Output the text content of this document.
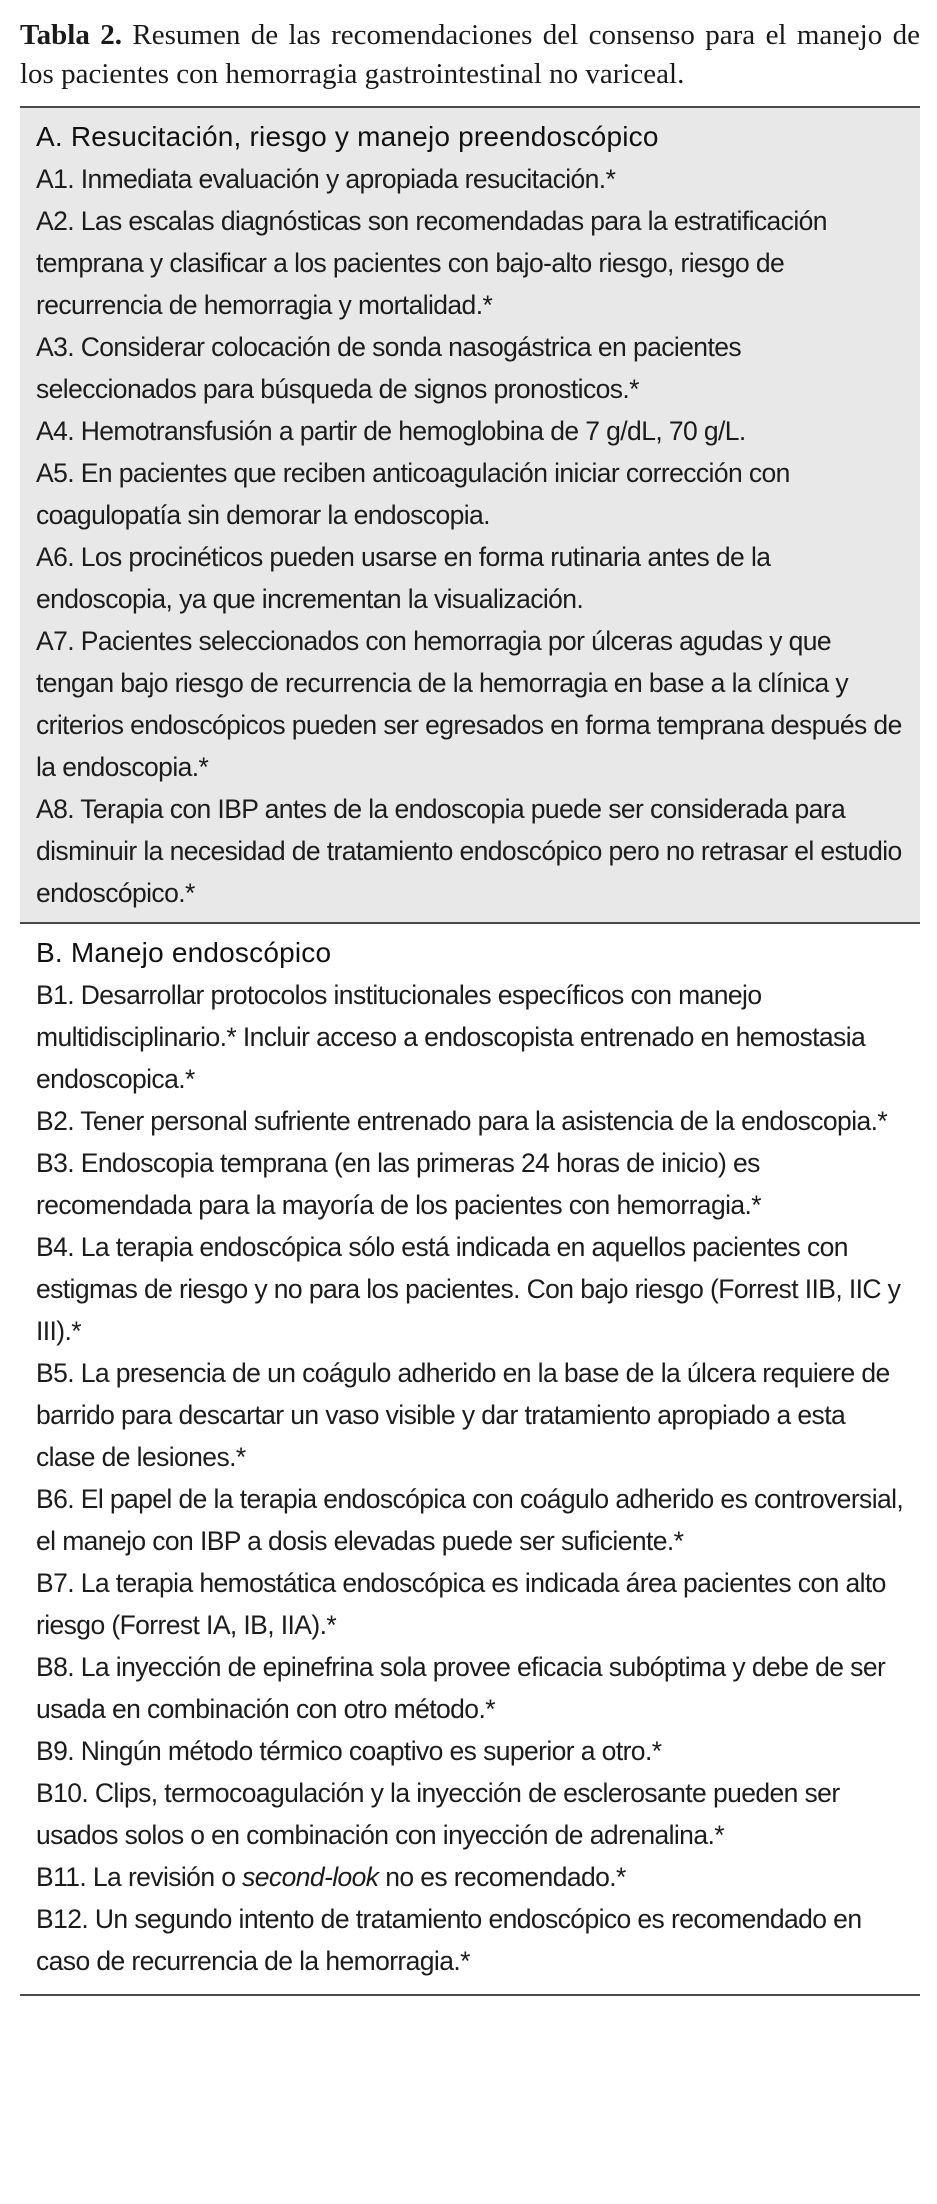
Tabla 2. Resumen de las recomendaciones del consenso para el manejo de los pacientes con hemorragia gastrointestinal no variceal.

A. Resucitación, riesgo y manejo preendoscópico

A1. Inmediata evaluación y apropiada resucitación.*

A2. Las escalas diagnósticas son recomendadas para la estratificación temprana y clasificar a los pacientes con bajo-alto riesgo, riesgo de recurrencia de hemorragia y mortalidad.*

A3. Considerar colocación de sonda nasogástrica en pacientes seleccionados para búsqueda de signos pronosticos.*

A4. Hemotransfusión a partir de hemoglobina de 7 g/dL, 70 g/L.

A5. En pacientes que reciben anticoagulación iniciar corrección con coagulopatía sin demorar la endoscopia.

A6. Los procinéticos pueden usarse en forma rutinaria antes de la endoscopia, ya que incrementan la visualización.

A7. Pacientes seleccionados con hemorragia por úlceras agudas y que tengan bajo riesgo de recurrencia de la hemorragia en base a la clínica y criterios endoscópicos pueden ser egresados en forma temprana después de la endoscopia.*

A8. Terapia con IBP antes de la endoscopia puede ser considerada para disminuir la necesidad de tratamiento endoscópico pero no retrasar el estudio endoscópico.*

B. Manejo endoscópico

B1. Desarrollar protocolos institucionales específicos con manejo multidisciplinario.* Incluir acceso a endoscopista entrenado en hemostasia endoscopica.*

B2. Tener personal sufriente entrenado para la asistencia de la endoscopia.*

B3. Endoscopia temprana (en las primeras 24 horas de inicio) es recomendada para la mayoría de los pacientes con hemorragia.*

B4. La terapia endoscópica sólo está indicada en aquellos pacientes con estigmas de riesgo y no para los pacientes. Con bajo riesgo (Forrest IIB, IIC y III).*

B5. La presencia de un coágulo adherido en la base de la úlcera requiere de barrido para descartar un vaso visible y dar tratamiento apropiado a esta clase de lesiones.*

B6. El papel de la terapia endoscópica con coágulo adherido es controversial, el manejo con IBP a dosis elevadas puede ser suficiente.*

B7. La terapia hemostática endoscópica es indicada área pacientes con alto riesgo (Forrest IA, IB, IIA).*

B8. La inyección de epinefrina sola provee eficacia subóptima y debe de ser usada en combinación con otro método.*

B9. Ningún método térmico coaptivo es superior a otro.*

B10. Clips, termocoagulación y la inyección de esclerosante pueden ser usados solos o en combinación con inyección de adrenalina.*

B11. La revisión o second-look no es recomendado.*

B12. Un segundo intento de tratamiento endoscópico es recomendado en caso de recurrencia de la hemorragia.*
